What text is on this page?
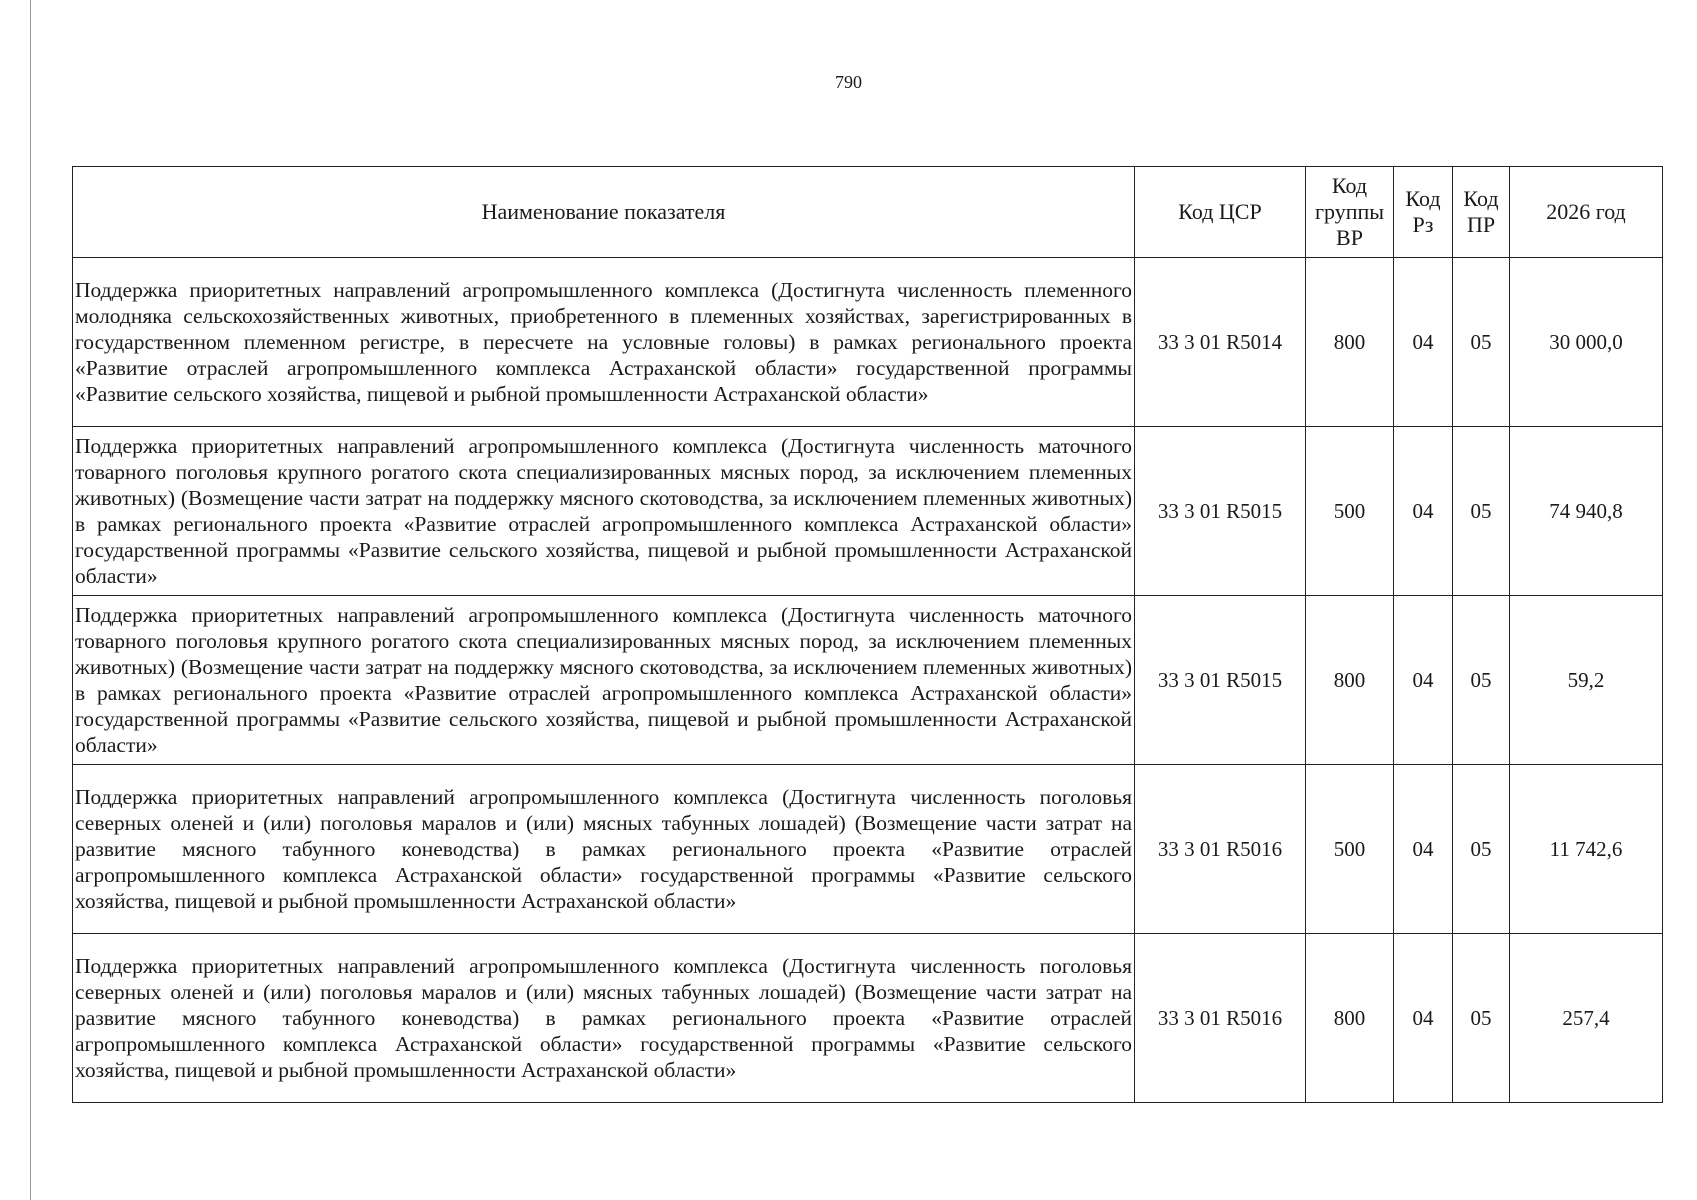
790
Наименование показателя	Код ЦСР	Код группы ВР	Код Рз	Код ПР	2026 год
Поддержка приоритетных направлений агропромышленного комплекса (Достигнута численность племенного молодняка сельскохозяйственных животных, приобретенного в племенных хозяйствах, зарегистрированных в государственном племенном регистре, в пересчете на условные головы) в рамках регионального проекта «Развитие отраслей агропромышленного комплекса Астраханской области» государственной программы «Развитие сельского хозяйства, пищевой и рыбной промышленности Астраханской области»	33 3 01 R5014	800	04	05	30 000,0
Поддержка приоритетных направлений агропромышленного комплекса (Достигнута численность маточного товарного поголовья крупного рогатого скота специализированных мясных пород, за исключением племенных животных) (Возмещение части затрат на поддержку мясного скотоводства, за исключением племенных животных) в рамках регионального проекта «Развитие отраслей агропромышленного комплекса Астраханской области» государственной программы «Развитие сельского хозяйства, пищевой и рыбной промышленности Астраханской области»	33 3 01 R5015	500	04	05	74 940,8
Поддержка приоритетных направлений агропромышленного комплекса (Достигнута численность маточного товарного поголовья крупного рогатого скота специализированных мясных пород, за исключением племенных животных) (Возмещение части затрат на поддержку мясного скотоводства, за исключением племенных животных) в рамках регионального проекта «Развитие отраслей агропромышленного комплекса Астраханской области» государственной программы «Развитие сельского хозяйства, пищевой и рыбной промышленности Астраханской области»	33 3 01 R5015	800	04	05	59,2
Поддержка приоритетных направлений агропромышленного комплекса (Достигнута численность поголовья северных оленей и (или) поголовья маралов и (или) мясных табунных лошадей) (Возмещение части затрат на развитие мясного табунного коневодства) в рамках регионального проекта «Развитие отраслей агропромышленного комплекса Астраханской области» государственной программы «Развитие сельского хозяйства, пищевой и рыбной промышленности Астраханской области»	33 3 01 R5016	500	04	05	11 742,6
Поддержка приоритетных направлений агропромышленного комплекса (Достигнута численность поголовья северных оленей и (или) поголовья маралов и (или) мясных табунных лошадей) (Возмещение части затрат на развитие мясного табунного коневодства) в рамках регионального проекта «Развитие отраслей агропромышленного комплекса Астраханской области» государственной программы «Развитие сельского хозяйства, пищевой и рыбной промышленности Астраханской области»	33 3 01 R5016	800	04	05	257,4
